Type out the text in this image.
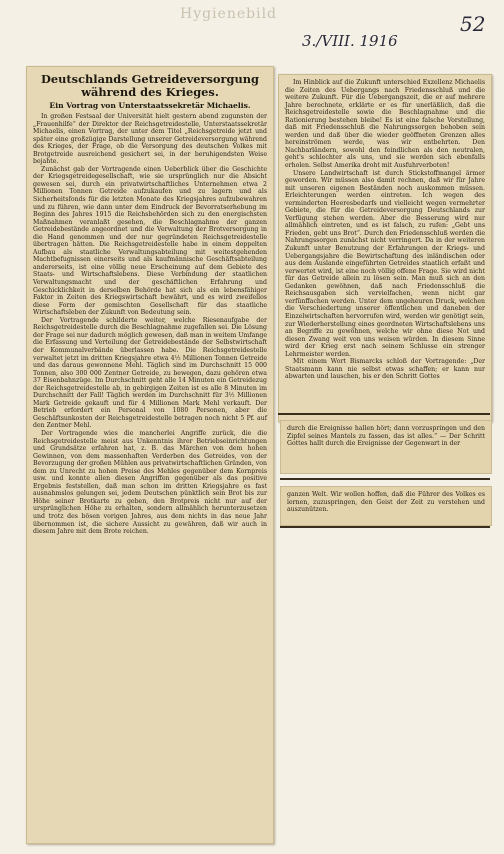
Hygienebild
3./VIII. 1916
52
Deutschlands Getreideversorgung während des Krieges.
Ein Vortrag von Unterstaatssekretär Michaelis.

In großen Festsaal der Universität hielt gestern abend zugunsten der „Frauenhilfe“ der Direktor der Reichsgetreidestelle, Unterstaatssekretär Michaelis, einen Vortrag, der unter dem Titel „Reichsgetreide jetzt und später eine großzügige Darstellung unserer Getreideversorgung während des Krieges, der Frage, ob die Versorgung des deutschen Volkes mit Brotgetreide ausreichend gesichert sei, in der beruhigendsten Weise bejahte.

Zunächst gab der Vortragende einen Ueberblick über die Geschichte der Kriegsgetreidegesellschaft, wie sie ursprünglich nur die Absicht gewesen sei, durch ein privatwirtschaftliches Unternehmen etwa 2 Millionen Tonnen Getreide aufzukaufen und zu lagern und als Sicherheitsfonds für die letzten Monate des Kriegsjahres aufzubewahren und zu führen, wie dann unter dem Eindruck der Bevorratserhebung im Beginn des Jahres 1915 die Reichsbehörden sich zu den energischsten Maßnahmen veranlaßt gesehen, die Beschlagnahme der ganzen Getreidebestände angeordnet und die Verwaltung der Brotversorgung in die Hand genommen und der nur gegründeten Reichsgetreidestelle übertragen hätten. Die Reichsgetreidestelle habe in einem doppelten Aufbau als staatliche Verwaltungsabteilung mit weitestgehenden Machtbefugnissen einerseits und als kaufmännische Geschäftsabteilung andererseits, ist eine völlig neue Erscheinung auf dem Gebiete des Staats- und Wirtschaftslebens. Diese Verbindung der staatlichen Verwaltungsmacht und der geschäftlichen Erfahrung und Geschicklichkeit in derselben Behörde hat sich als ein lebensfähiger Faktor in Zeiten des Kriegswirtschaft bewährt, und es wird zweifellos diese Form der gemischten Gesellschaft für das staatliche Wirtschaftsleben der Zukunft von Bedeutung sein.

Der Vortragende schilderte weiter, welche Riesenaufgabe der Reichsgetreidestelle durch die Beschlagnahme zugefallen sei. Die Lösung der Frage sei nur dadurch möglich gewesen, daß man in weitem Umfange die Erfassung und Verteilung der Getreidebestände der Selbstwirtschaft der Kommunalverbände überlassen habe. Die Reichsgetreidestelle verwaltet jetzt im dritten Kriegsjahre etwa 4½ Millionen Tonnen Getreide und das daraus gewonnene Mehl. Täglich sind im Durchschnitt 15 000 Tonnen, also 300 000 Zentner Getreide, zu bewegen, dazu gehören etwa 37 Eisenbahnzüge. Im Durchschnitt geht alle 14 Minuten ein Getreidezug der Reichsgetreidestelle ab, in gebirgigen Zeiten ist es alle 8 Minuten im Durchschnitt der Fall! Täglich werden im Durchschnitt für 3½ Millionen Mark Getreide gekauft und für 4 Millionen Mark Mehl verkauft. Der Betrieb erfordert ein Personal von 1080 Personen, aber die Geschäftsunkosten der Reichsgetreidestelle betragen noch nicht 5 Pf. auf den Zentner Mehl.

Der Vortragende wies die mancherlei Angriffe zurück, die die Reichsgetreidestelle meist aus Unkenntnis ihrer Betriebseinrichtungen und Grundsätze erfahren hat, z. B. das Märchen von dem hohen Gewinnen, von dem massenhaften Verderben des Getreides, von der Bevorzugung der großen Mühlen aus privatwirtschaftlichen Gründen, von dem zu Unrecht zu hohen Preise des Mehles gegenüber dem Kornpreis usw. und konnte allen diesen Angriffen gegenüber als das positive Ergebnis feststellen, daß man schon im dritten Kriegsjahre es fast ausnahmslos gelungen sei, jedem Deutschen pünktlich sein Brot bis zur Höhe seiner Brotkarte zu geben, den Brotpreis nicht nur auf der ursprünglichen Höhe zu erhalten, sondern allmählich herunterzusetzen und trotz des bösen vorigen Jahres, aus dem nichts in das neue Jahr übernommen ist, die sichere Aussicht zu gewähren, daß wir auch in diesem Jahre mit dem Brote reichen.

Im Hinblick auf die Zukunft unterschied Exzellenz Michaelis die Zeiten des Uebergangs nach Friedensschluß und die weitere Zukunft. Für die Uebergangszeit, die er auf mehrere Jahre berechnete, erklärte er es für unerläßlich, daß die Reichsgetreidestelle sowie die Beschlagnahme und die Rationierung bestehen bleibe! Es ist eine falsche Vorstellung, daß mit Friedensschluß die Nahrungssorgen behoben sein werden und daß über die wieder geöffneten Grenzen alles hereinströmen werde, was wir entbehrten. Den Nachbarländern, sowohl den feindlichen als den neutralen, geht's schlechter als uns, und sie werden sich ebenfalls erholen. Selbst Amerika droht mit Ausfuhrverboten!

Unsere Landwirtschaft ist durch Stickstoffmangel ärmer geworden. Wir müssen also damit rechnen, daß wir für Jahre mit unseren eigenen Beständen noch auskommen müssen. Erleichterungen werden eintreten. Ich wegen des verminderten Heeresbedarfs und vielleicht wegen vermehrter Gebiete, die für die Getreideversorgung Deutschlands zur Verfügung stehen werden. Aber die Besserung wird nur allmählich eintreten, und es ist falsch, zu rufen: „Gebt uns Frieden, gebt uns Brot“. Durch den Friedensschluß werden die Nahrungssorgen zunächst nicht verringert. Da in der weiteren Zukunft unter Benutzung der Erfahrungen der Kriegs- und Uebergangsjahre die Bewirtschaftung des inländischen oder aus dem Auslande eingeführten Getreides staatlich erfaßt und verwertet wird, ist eine noch völlig offene Frage. Sie wird nicht für das Getreide allein zu lösen sein. Man muß sich an den Gedanken gewöhnen, daß nach Friedensschluß die Reichsausgaben sich vervielfachen, wenn nicht gar verfünffachen werden. Unter dem ungeheuren Druck, welchen die Verschiedertung unserer öffentlichen und daneben der Einzelwirtschaften hervorrufen wird, werden wir genötigt sein, zur Wiederherstellung eines geordneten Wirtschaftslebens uns an Begriffe zu gewöhnen, welche wir ohne diese Not und diesen Zwang weit von uns weisen würden. In diesem Sinne wird der Krieg erst nach seinem Schlusse ein strenger Lehrmeister werden.

Mit einem Wort Bismarcks schloß der Vortragende: „Der Staatsmann kann nie selbst etwas schaffen; er kann nur abwarten und lauschen, bis er den Schritt Gottes

durch die Ereignisse hallen hört; dann vorzuspringen und den Zipfel seines Mantels zu fassen, das ist alles.“ — Der Schritt Gottes hallt durch die Ereignisse der Gegenwart in der
ganzen Welt. Wir wollen hoffen, daß die Führer des Volkes es lernen, zuzuspringen, den Geist der Zeit zu verstehen und auszunützen.
